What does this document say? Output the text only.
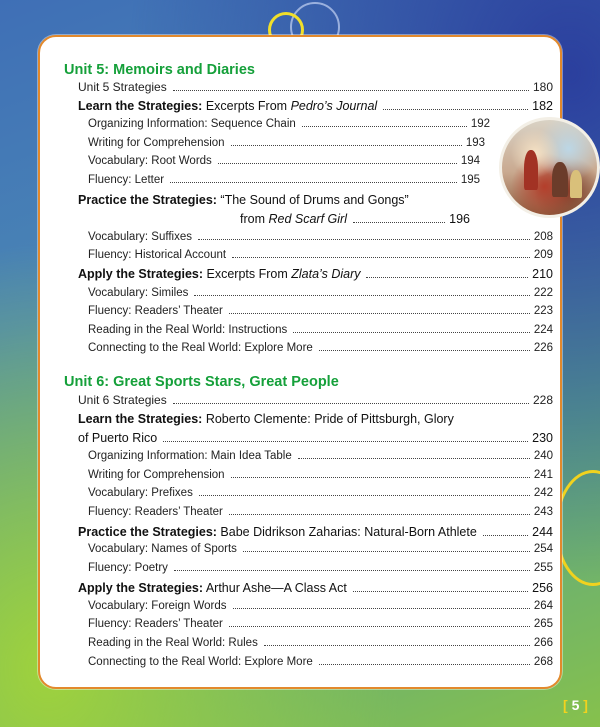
Unit 5: Memoirs and Diaries
Unit 5 Strategies	180
Learn the Strategies: Excerpts From Pedro’s Journal	182
Organizing Information: Sequence Chain	192
Writing for Comprehension	193
Vocabulary: Root Words	194
Fluency: Letter	195
Practice the Strategies: “The Sound of Drums and Gongs”
from Red Scarf Girl	196
Vocabulary: Suffixes	208
Fluency: Historical Account	209
Apply the Strategies: Excerpts From Zlata’s Diary	210
Vocabulary: Similes	222
Fluency: Readers’ Theater	223
Reading in the Real World: Instructions	224
Connecting to the Real World: Explore More	226
Unit 6: Great Sports Stars, Great People
Unit 6 Strategies	228
Learn the Strategies: Roberto Clemente: Pride of Pittsburgh, Glory
of Puerto Rico	230
Organizing Information: Main Idea Table	240
Writing for Comprehension	241
Vocabulary: Prefixes	242
Fluency: Readers’ Theater	243
Practice the Strategies: Babe Didrikson Zaharias: Natural-Born Athlete	244
Vocabulary: Names of Sports	254
Fluency: Poetry	255
Apply the Strategies: Arthur Ashe—A Class Act	256
Vocabulary: Foreign Words	264
Fluency: Readers’ Theater	265
Reading in the Real World: Rules	266
Connecting to the Real World: Explore More	268
[ 5 ]
